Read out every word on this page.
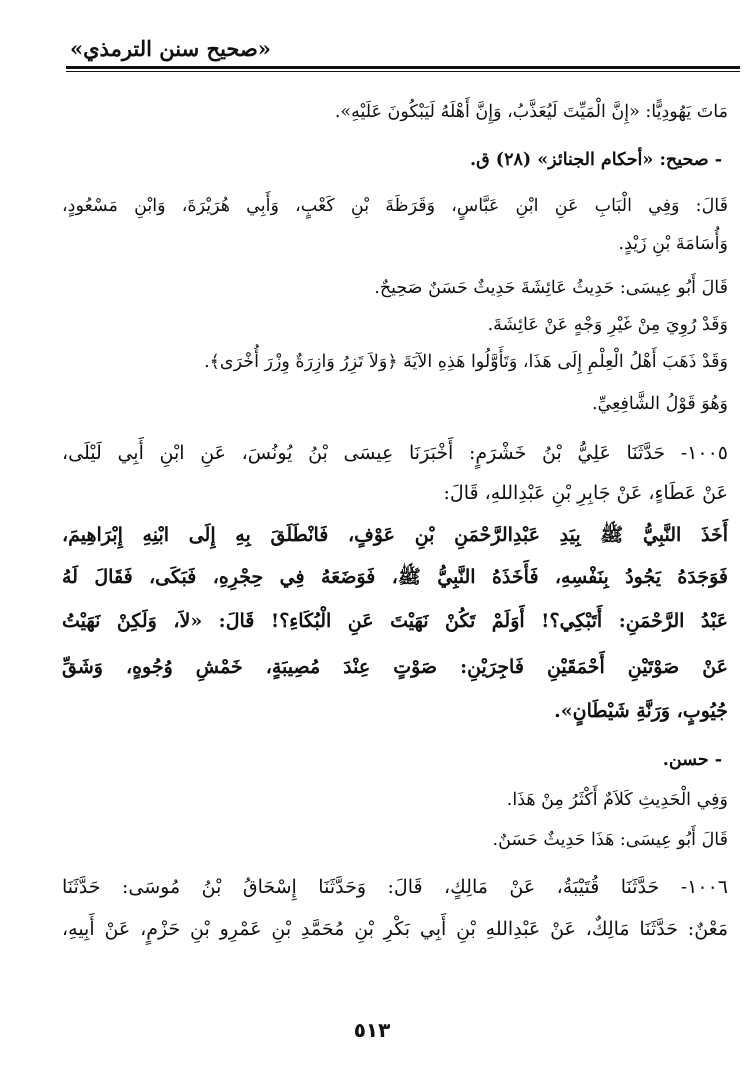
«صحيح سنن الترمذي»
مَاتَ يَهُودِيًّا: «إِنَّ الْمَيِّتَ لَيُعَذَّبُ، وَإِنَّ أَهْلَهُ لَيَبْكُونَ عَلَيْهِ».
- صحيح: «أحكام الجنائز» (٢٨) ق.
قَالَ: وَفِي الْبَابِ عَنِ ابْنِ عَبَّاسٍ، وَقَرَظَةَ بْنِ كَعْبٍ، وَأَبِي هُرَيْرَةَ، وَابْنِ مَسْعُودٍ،
وَأُسَامَةَ بْنِ زَيْدٍ.
قَالَ أَبُو عِيسَى: حَدِيثُ عَائِشَةَ حَدِيثٌ حَسَنٌ صَحِيحٌ.
وَقَدْ رُوِيَ مِنْ غَيْرِ وَجْهٍ عَنْ عَائِشَةَ.
وَقَدْ ذَهَبَ أَهْلُ الْعِلْمِ إِلَى هَذَا، وَتَأَوَّلُوا هَذِهِ الآيَةَ ﴿وَلاَ تَزِرُ وَازِرَةٌ وِزْرَ أُخْرَى﴾.
وَهُوَ قَوْلُ الشَّافِعِيِّ.
١٠٠٥- حَدَّثَنَا عَلِيُّ بْنُ خَشْرَمٍ: أَخْبَرَنَا عِيسَى بْنُ يُونُسَ، عَنِ ابْنِ أَبِي لَيْلَى،
عَنْ عَطَاءٍ، عَنْ جَابِرِ بْنِ عَبْدِاللهِ، قَالَ:
أَخَذَ النَّبِيُّ ﷺ بِيَدِ عَبْدِالرَّحْمَنِ بْنِ عَوْفٍ، فَانْطَلَقَ بِهِ إِلَى ابْنِهِ إِبْرَاهِيمَ،
فَوَجَدَهُ يَجُودُ بِنَفْسِهِ، فَأَخَذَهُ النَّبِيُّ ﷺ، فَوَضَعَهُ فِي حِجْرِهِ، فَبَكَى، فَقَالَ لَهُ
عَبْدُ الرَّحْمَنِ: أَتَبْكِي؟! أَوَلَمْ تَكُنْ نَهَيْتَ عَنِ الْبُكَاءِ؟! قَالَ: «لاَ، وَلَكِنْ نَهَيْتُ
عَنْ صَوْتَيْنِ أَحْمَقَيْنِ فَاجِرَيْنِ: صَوْتٍ عِنْدَ مُصِيبَةٍ، خَمْشِ وُجُوهٍ، وَشَقِّ
جُيُوبٍ، وَرَنَّةِ شَيْطَانٍ».
- حسن.
وَفِي الْحَدِيثِ كَلاَمٌ أَكْثَرُ مِنْ هَذَا.
قَالَ أَبُو عِيسَى: هَذَا حَدِيثٌ حَسَنٌ.
١٠٠٦- حَدَّثَنَا قُتَيْبَةُ، عَنْ مَالِكٍ، قَالَ: وَحَدَّثَنَا إِسْحَاقُ بْنُ مُوسَى: حَدَّثَنَا
مَعْنٌ: حَدَّثَنَا مَالِكٌ، عَنْ عَبْدِاللهِ بْنِ أَبِي بَكْرِ بْنِ مُحَمَّدِ بْنِ عَمْرِو بْنِ حَزْمٍ، عَنْ أَبِيهِ،
٥١٣
